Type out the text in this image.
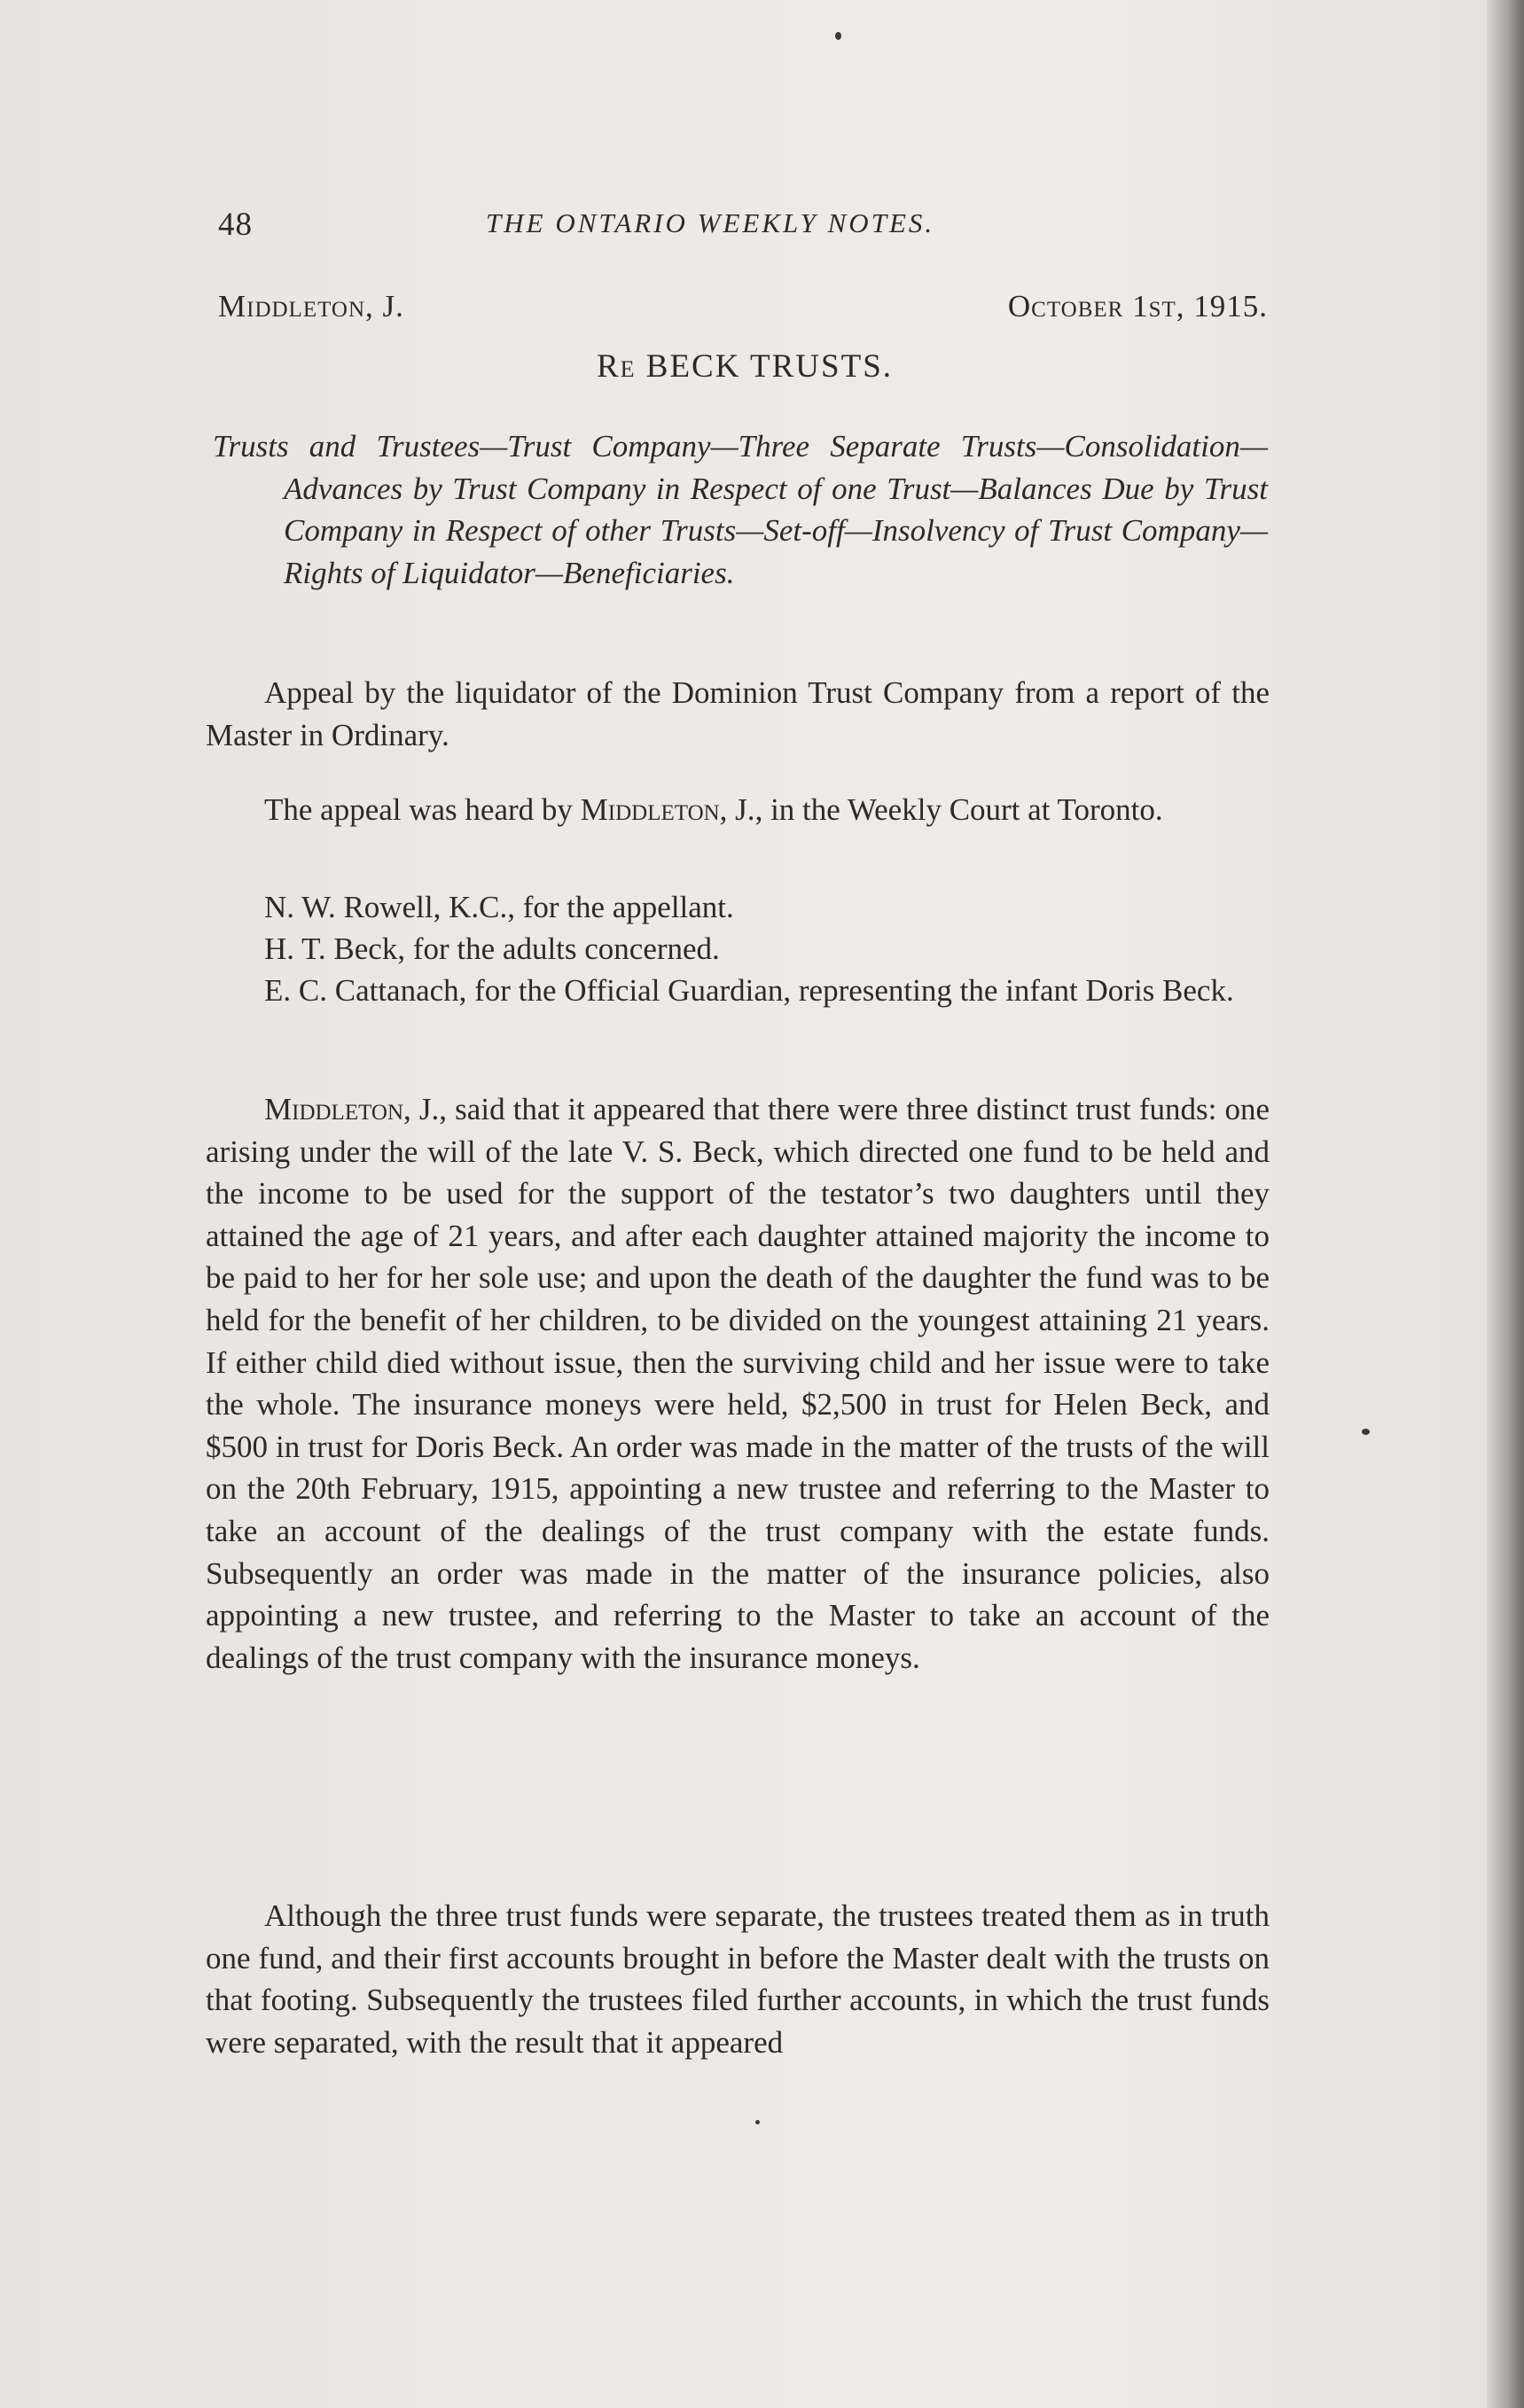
48	THE ONTARIO WEEKLY NOTES.
Middleton, J.	October 1st, 1915.
Re BECK TRUSTS.

Trusts and Trustees—Trust Company—Three Separate Trusts—Consolidation—Advances by Trust Company in Respect of one Trust—Balances Due by Trust Company in Respect of other Trusts—Set-off—Insolvency of Trust Company—Rights of Liquidator—Beneficiaries.

Appeal by the liquidator of the Dominion Trust Company from a report of the Master in Ordinary.

The appeal was heard by Middleton, J., in the Weekly Court at Toronto.

N. W. Rowell, K.C., for the appellant.

H. T. Beck, for the adults concerned.

E. C. Cattanach, for the Official Guardian, representing the infant Doris Beck.

Middleton, J., said that it appeared that there were three distinct trust funds: one arising under the will of the late V. S. Beck, which directed one fund to be held and the income to be used for the support of the testator’s two daughters until they attained the age of 21 years, and after each daughter attained majority the income to be paid to her for her sole use; and upon the death of the daughter the fund was to be held for the benefit of her children, to be divided on the youngest attaining 21 years. If either child died without issue, then the surviving child and her issue were to take the whole. The insurance moneys were held, $2,500 in trust for Helen Beck, and $500 in trust for Doris Beck. An order was made in the matter of the trusts of the will on the 20th February, 1915, appointing a new trustee and referring to the Master to take an account of the dealings of the trust company with the estate funds. Subsequently an order was made in the matter of the insurance policies, also appointing a new trustee, and referring to the Master to take an account of the dealings of the trust company with the insurance moneys.

Although the three trust funds were separate, the trustees treated them as in truth one fund, and their first accounts brought in before the Master dealt with the trusts on that footing. Subsequently the trustees filed further accounts, in which the trust funds were separated, with the result that it appeared
